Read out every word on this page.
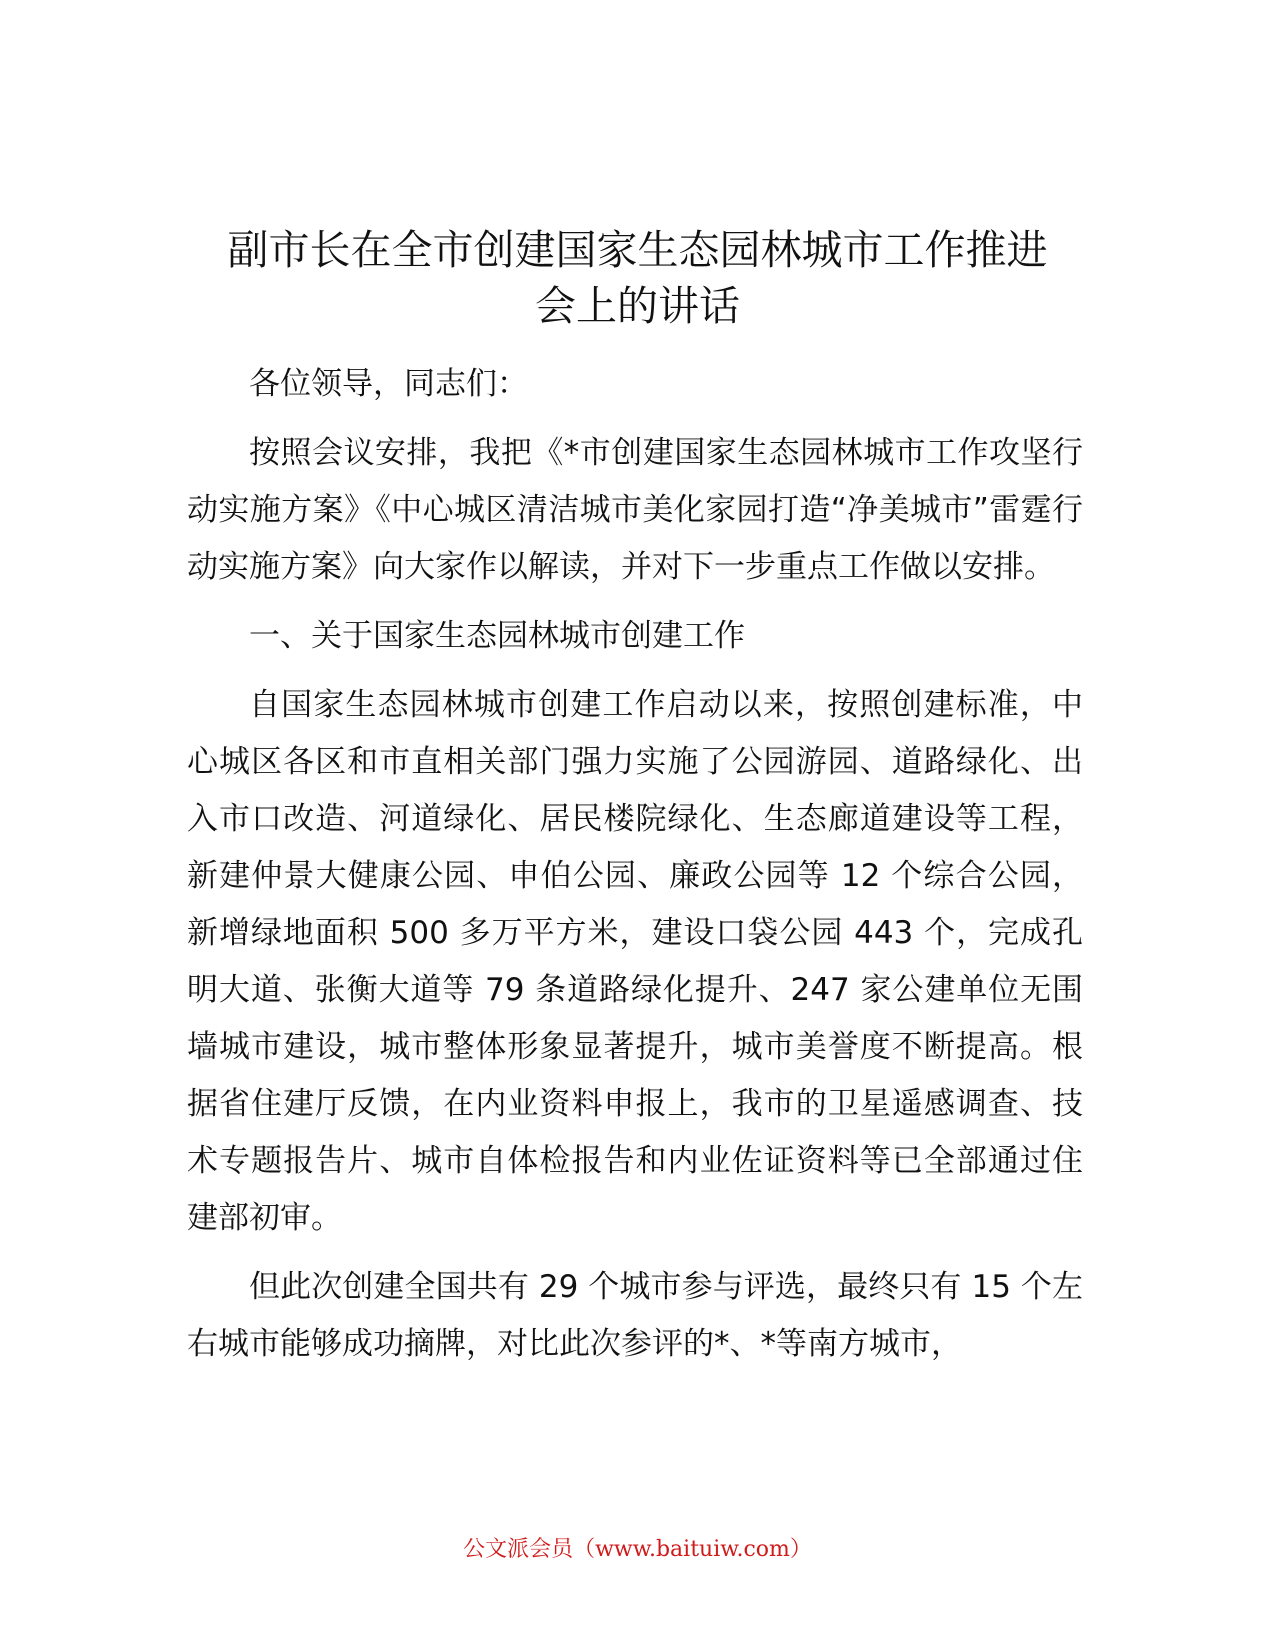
副市长在全市创建国家生态园林城市工作推进
会上的讲话

各位领导，同志们：

按照会议安排，我把《*市创建国家生态园林城市工作攻坚行动实施方案》《中心城区清洁城市美化家园打造“净美城市”雷霆行动实施方案》向大家作以解读，并对下一步重点工作做以安排。

一、关于国家生态园林城市创建工作

自国家生态园林城市创建工作启动以来，按照创建标准，中心城区各区和市直相关部门强力实施了公园游园、道路绿化、出入市口改造、河道绿化、居民楼院绿化、生态廊道建设等工程，新建仲景大健康公园、申伯公园、廉政公园等 12 个综合公园，新增绿地面积 500 多万平方米，建设口袋公园 443 个，完成孔明大道、张衡大道等 79 条道路绿化提升、247 家公建单位无围墙城市建设，城市整体形象显著提升，城市美誉度不断提高。根据省住建厅反馈，在内业资料申报上，我市的卫星遥感调查、技术专题报告片、城市自体检报告和内业佐证资料等已全部通过住建部初审。

但此次创建全国共有 29 个城市参与评选，最终只有 15 个左右城市能够成功摘牌，对比此次参评的*、*等南方城市，

公文派会员（www.baituiw.com）
